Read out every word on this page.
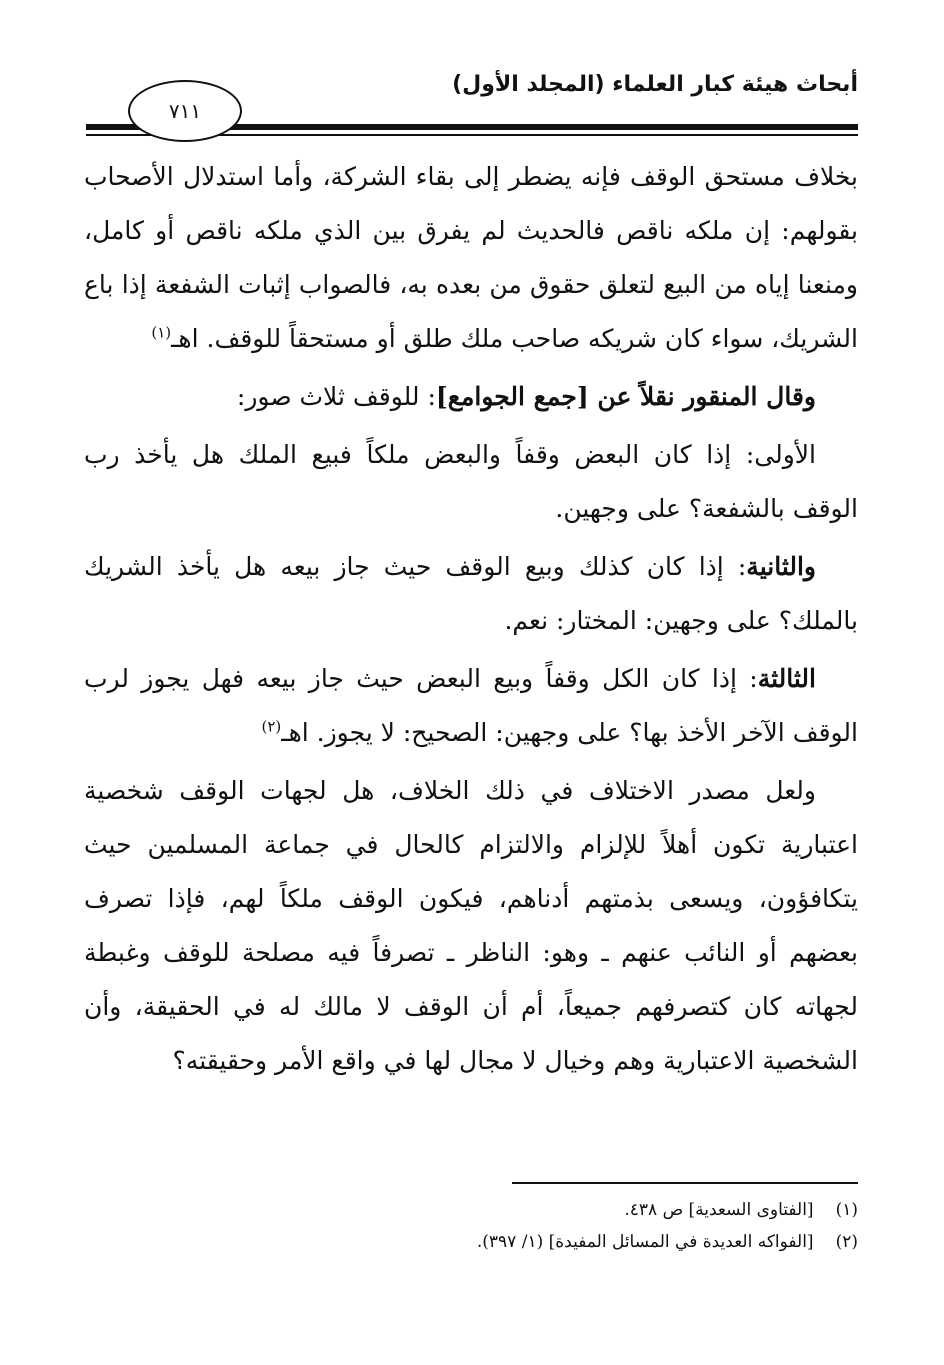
أبحاث هيئة كبار العلماء (المجلد الأول)
٧١١

بخلاف مستحق الوقف فإنه يضطر إلى بقاء الشركة، وأما استدلال الأصحاب بقولهم: إن ملكه ناقص فالحديث لم يفرق بين الذي ملكه ناقص أو كامل، ومنعنا إياه من البيع لتعلق حقوق من بعده به، فالصواب إثبات الشفعة إذا باع الشريك، سواء كان شريكه صاحب ملك طلق أو مستحقاً للوقف. اهـ$^{(١)}$

وقال المنقور نقلاً عن [جمع الجوامع]: للوقف ثلاث صور:

الأولى: إذا كان البعض وقفاً والبعض ملكاً فبيع الملك هل يأخذ رب الوقف بالشفعة؟ على وجهين.

والثانية: إذا كان كذلك وبيع الوقف حيث جاز بيعه هل يأخذ الشريك بالملك؟ على وجهين: المختار: نعم.

الثالثة: إذا كان الكل وقفاً وبيع البعض حيث جاز بيعه فهل يجوز لرب الوقف الآخر الأخذ بها؟ على وجهين: الصحيح: لا يجوز. اهـ$^{(٢)}$

ولعل مصدر الاختلاف في ذلك الخلاف، هل لجهات الوقف شخصية اعتبارية تكون أهلاً للإلزام والالتزام كالحال في جماعة المسلمين حيث يتكافؤون، ويسعى بذمتهم أدناهم، فيكون الوقف ملكاً لهم، فإذا تصرف بعضهم أو النائب عنهم ـ وهو: الناظر ـ تصرفاً فيه مصلحة للوقف وغبطة لجهاته كان كتصرفهم جميعاً، أم أن الوقف لا مالك له في الحقيقة، وأن الشخصية الاعتبارية وهم وخيال لا مجال لها في واقع الأمر وحقيقته؟

(١)[الفتاوى السعدية] ص ٤٣٨.

(٢)[الفواكه العديدة في المسائل المفيدة] (١/ ٣٩٧).
